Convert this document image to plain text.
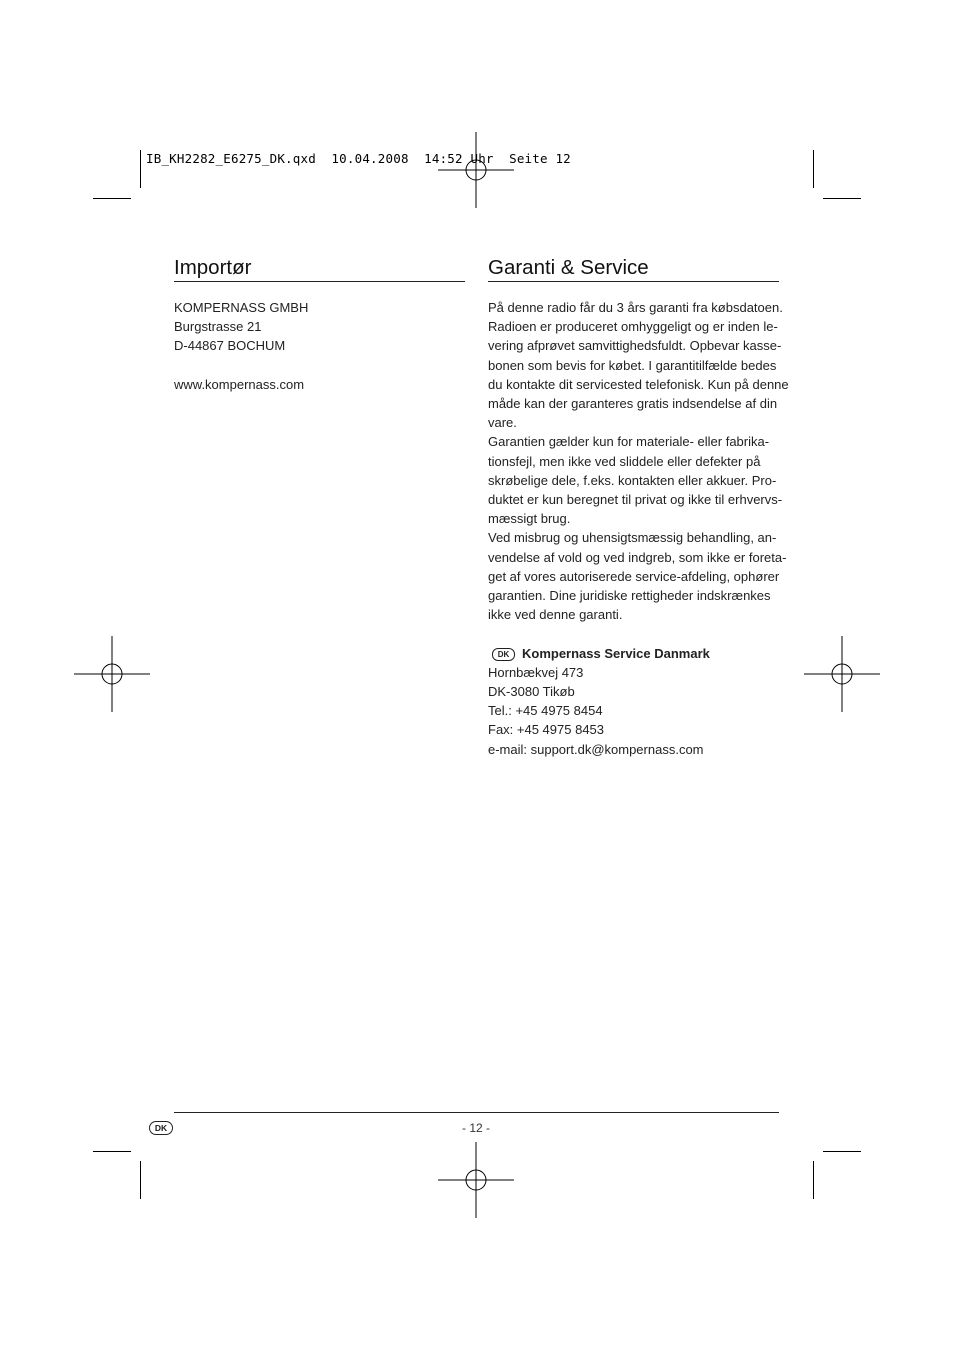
IB_KH2282_E6275_DK.qxd  10.04.2008  14:52 Uhr  Seite 12
Importør
KOMPERNASS GMBH
Burgstrasse 21
D-44867 BOCHUM
www.kompernass.com
Garanti & Service
På denne radio får du 3 års garanti fra købsdatoen.
Radioen er produceret omhyggeligt og er inden le-
vering afprøvet samvittighedsfuldt. Opbevar kasse-
bonen som bevis for købet. I garantitilfælde bedes
du kontakte dit servicested telefonisk. Kun på denne
måde kan der garanteres gratis indsendelse af din
vare.
Garantien gælder kun for materiale- eller fabrika-
tionsfejl, men ikke ved sliddele eller defekter på
skrøbelige dele, f.eks. kontakten eller akkuer. Pro-
duktet er kun beregnet til privat og ikke til erhvervs-
mæssigt brug.
Ved misbrug og uhensigtsmæssig behandling, an-
vendelse af vold og ved indgreb, som ikke er foreta-
get af vores autoriserede service-afdeling, ophører
garantien. Dine juridiske rettigheder indskrænkes
ikke ved denne garanti.
DK Kompernass Service Danmark
Hornbækvej 473
DK-3080 Tikøb
Tel.: +45 4975 8454
Fax: +45 4975 8453
e-mail: support.dk@kompernass.com
DK	- 12 -
